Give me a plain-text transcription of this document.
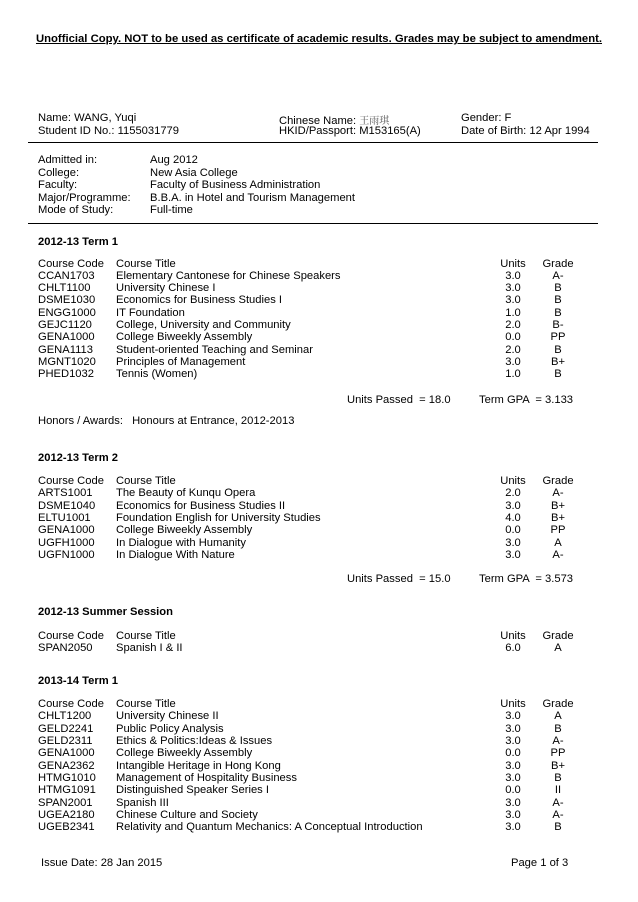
Unofficial Copy. NOT to be used as certificate of academic results. Grades may be subject to amendment.
Name: WANG, Yuqi
Student ID No.: 1155031779
Chinese Name: 王雨琪
HKID/Passport: M153165(A)
Gender: F
Date of Birth: 12 Apr 1994
Admitted in:	Aug 2012
College:	New Asia College
Faculty:	Faculty of Business Administration
Major/Programme: B.B.A. in Hotel and Tourism Management
Mode of Study:	Full-time
2012-13 Term 1
Course Code Course Title	Units	Grade
CCAN1703 Elementary Cantonese for Chinese Speakers	3.0	A-
CHLT1100 University Chinese I	3.0	B
DSME1030 Economics for Business Studies I	3.0	B
ENGG1000 IT Foundation	1.0	B
GEJC1120 College, University and Community	2.0	B-
GENA1000 College Biweekly Assembly	0.0	PP
GENA1113 Student-oriented Teaching and Seminar	2.0	B
MGNT1020 Principles of Management	3.0	B+
PHED1032 Tennis (Women)	1.0	B
Units Passed  = 18.0	Term GPA  = 3.133
Honors / Awards: Honours at Entrance, 2012-2013
2012-13 Term 2
Course Code Course Title	Units	Grade
ARTS1001 The Beauty of Kunqu Opera	2.0	A-
DSME1040 Economics for Business Studies II	3.0	B+
ELTU1001 Foundation English for University Studies	4.0	B+
GENA1000 College Biweekly Assembly	0.0	PP
UGFH1000 In Dialogue with Humanity	3.0	A
UGFN1000 In Dialogue With Nature	3.0	A-
Units Passed  = 15.0	Term GPA  = 3.573
2012-13 Summer Session
Course Code Course Title	Units	Grade
SPAN2050 Spanish I & II	6.0	A
2013-14 Term 1
Course Code Course Title	Units	Grade
CHLT1200 University Chinese II	3.0	A
GELD2241 Public Policy Analysis	3.0	B
GELD2311 Ethics & Politics:Ideas & Issues	3.0	A-
GENA1000 College Biweekly Assembly	0.0	PP
GENA2362 Intangible Heritage in Hong Kong	3.0	B+
HTMG1010 Management of Hospitality Business	3.0	B
HTMG1091 Distinguished Speaker Series I	0.0	II
SPAN2001 Spanish III	3.0	A-
UGEA2180 Chinese Culture and Society	3.0	A-
UGEB2341 Relativity and Quantum Mechanics: A Conceptual Introduction	3.0	B
Issue Date: 28 Jan 2015	Page 1 of 3
